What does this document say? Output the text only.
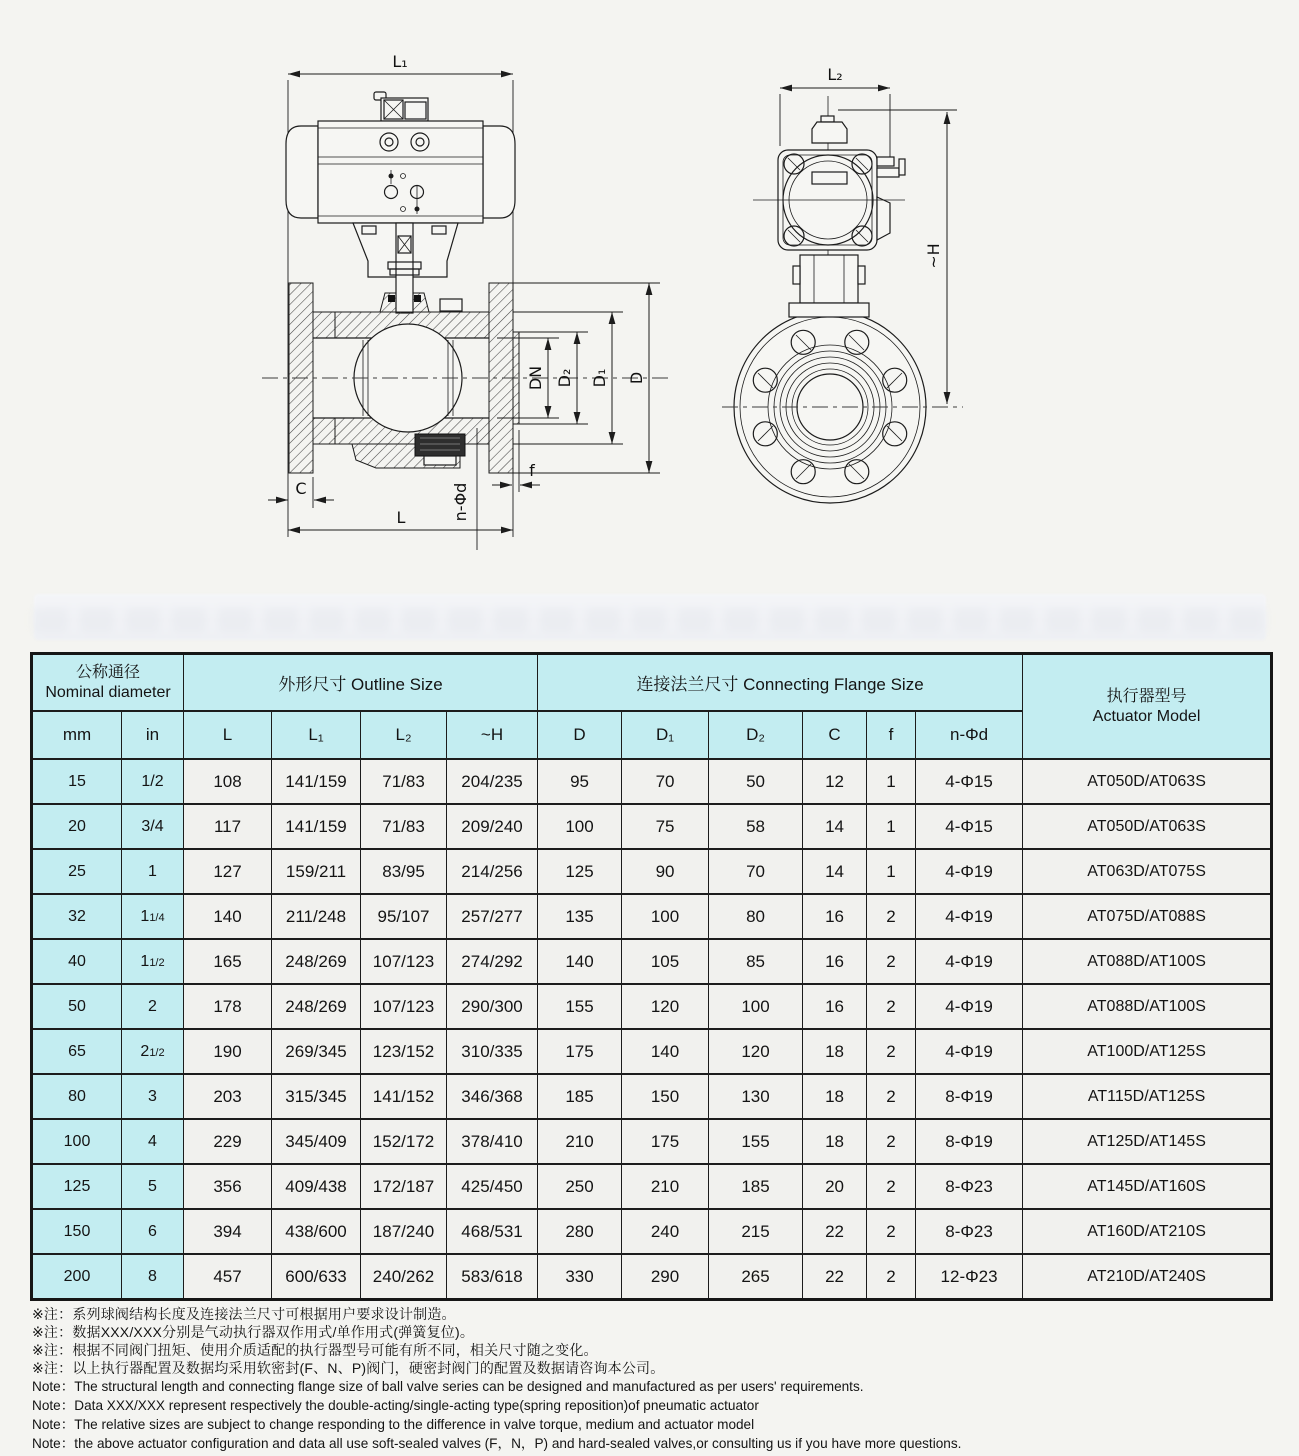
L₁
DN D₂ D₁ D
C
L
f
n-Φd
L₂
~H
公称通径
Nominal diameter	外形尺寸 Outline Size	连接法兰尺寸 Connecting Flange Size	
执行器型号
Actuator Model

mm	in	L	L₁	L₂	~H	D	D₁	D₂	C	f	n-Φd	
15	1/2	108	141/159	71/83	204/235	95	70	50	12	1	4-Φ15	AT050D/AT063S
20	3/4	117	141/159	71/83	209/240	100	75	58	14	1	4-Φ15	AT050D/AT063S
25	1	127	159/211	83/95	214/256	125	90	70	14	1	4-Φ19	AT063D/AT075S
32	11/4	140	211/248	95/107	257/277	135	100	80	16	2	4-Φ19	AT075D/AT088S
40	11/2	165	248/269	107/123	274/292	140	105	85	16	2	4-Φ19	AT088D/AT100S
50	2	178	248/269	107/123	290/300	155	120	100	16	2	4-Φ19	AT088D/AT100S
65	21/2	190	269/345	123/152	310/335	175	140	120	18	2	4-Φ19	AT100D/AT125S
80	3	203	315/345	141/152	346/368	185	150	130	18	2	8-Φ19	AT115D/AT125S
100	4	229	345/409	152/172	378/410	210	175	155	18	2	8-Φ19	AT125D/AT145S
125	5	356	409/438	172/187	425/450	250	210	185	20	2	8-Φ23	AT145D/AT160S
150	6	394	438/600	187/240	468/531	280	240	215	22	2	8-Φ23	AT160D/AT210S
200	8	457	600/633	240/262	583/618	330	290	265	22	2	12-Φ23	AT210D/AT240S
※注：系列球阀结构长度及连接法兰尺寸可根据用户要求设计制造。
※注：数据XXX/XXX分别是气动执行器双作用式/单作用式(弹簧复位)。
※注：根据不同阀门扭矩、使用介质适配的执行器型号可能有所不同，相关尺寸随之变化。
※注：以上执行器配置及数据均采用软密封(F、N、P)阀门，硬密封阀门的配置及数据请咨询本公司。
Note：The structural length and connecting flange size of ball valve series can be designed and manufactured as per users' requirements.
Note：Data XXX/XXX represent respectively the double-acting/single-acting type(spring reposition)of pneumatic actuator
Note：The relative sizes are subject to change responding to the difference in valve torque, medium and actuator model
Note：the above actuator configuration and data all use soft-sealed valves (F，N，P) and hard-sealed valves,or consulting us if you have more questions.
